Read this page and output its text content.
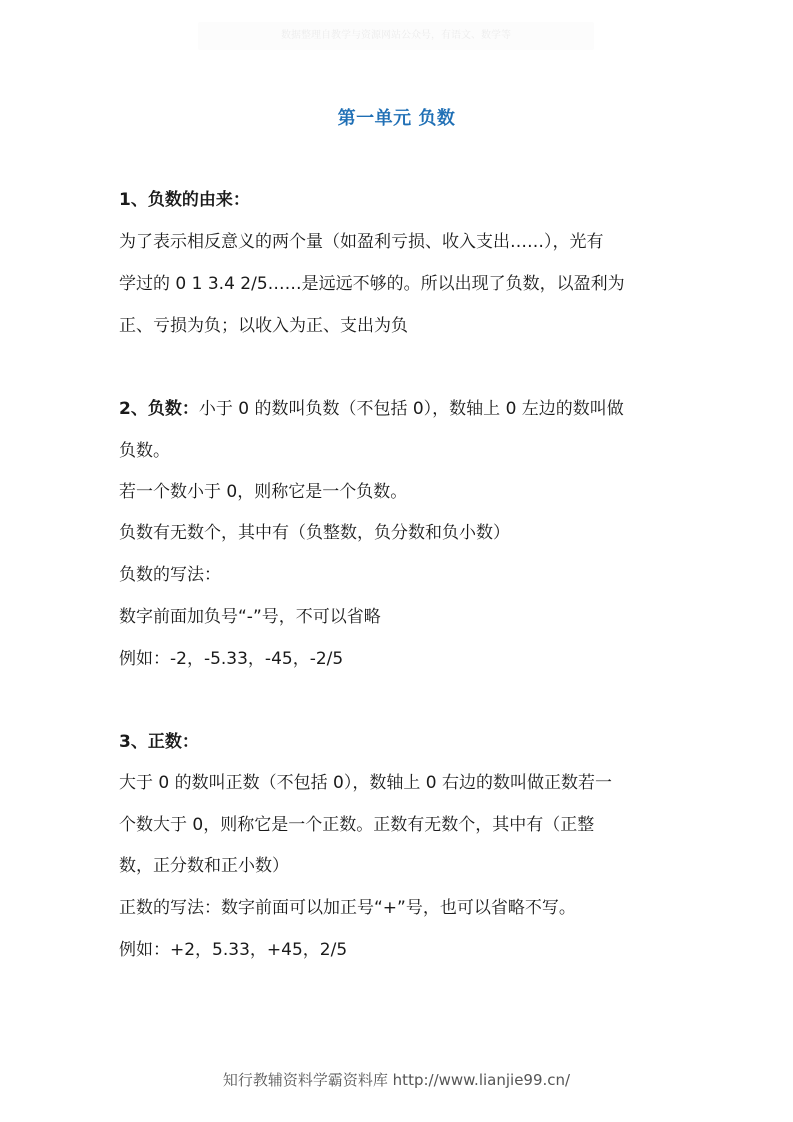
数据整理自教学与资源网站公众号，有语文、数学等
第一单元 负数
1、负数的由来：
为了表示相反意义的两个量（如盈利亏损、收入支出……），光有
学过的 0 1 3.4 2/5……是远远不够的。所以出现了负数，以盈利为
正、亏损为负；以收入为正、支出为负
2、负数：小于 0 的数叫负数（不包括 0），数轴上 0 左边的数叫做
负数。
若一个数小于 0，则称它是一个负数。
负数有无数个，其中有（负整数，负分数和负小数）
负数的写法：
数字前面加负号“-”号，不可以省略
例如：-2，-5.33，-45，-2/5
3、正数：
大于 0 的数叫正数（不包括 0），数轴上 0 右边的数叫做正数若一
个数大于 0，则称它是一个正数。正数有无数个，其中有（正整
数，正分数和正小数）
正数的写法：数字前面可以加正号“+”号，也可以省略不写。
例如：+2，5.33，+45，2/5
知行教辅资料学霸资料库 http://www.lianjie99.cn/
